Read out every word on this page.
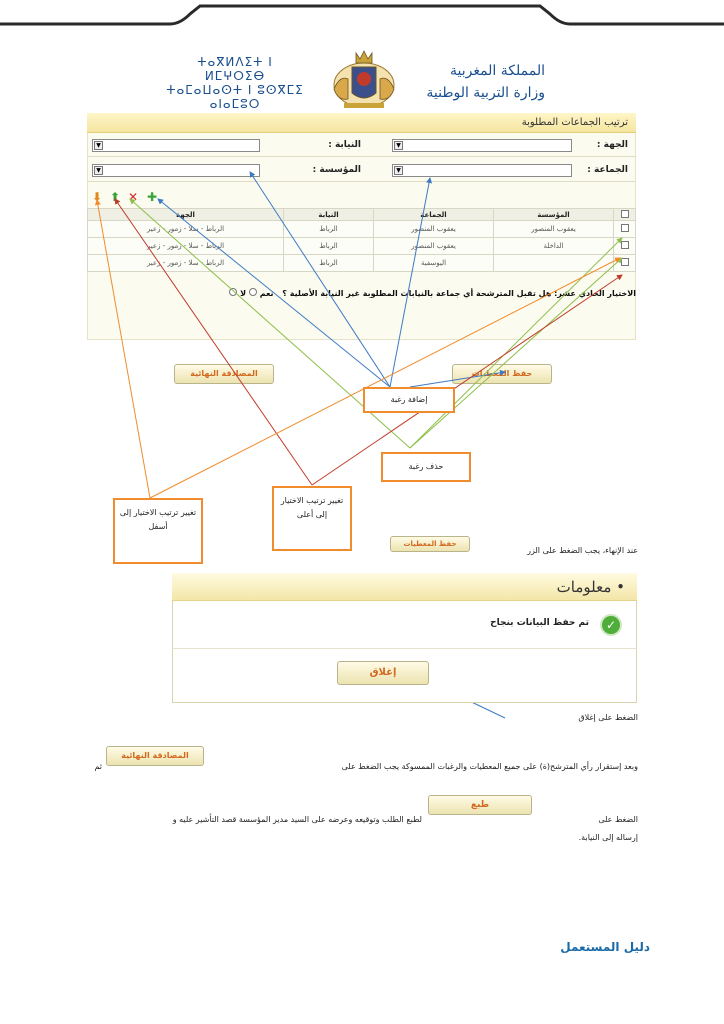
ⵜⴰⴳⵍⴷⵉⵜ ⵏ ⵍⵎⵖⵔⵉⴱ
ⵜⴰⵎⴰⵡⴰⵙⵜ ⵏ ⵓⵙⴳⵎⵉ
ⴰⵏⴰⵎⵓⵔ
المملكة المغربية
وزارة التربية الوطنية
ترتيب الجماعات المطلوبة
الجهة :
▼
النيابة :
▼
الجماعة :
▼
المؤسسة :
▼
⬇ ⬆ ✕ ✚
	المؤسسة	الجماعة	النيابة	الجهة
	يعقوب المنصور	يعقوب المنصور	الرباط	الرباط - سلا - زمور - زعير
	الداخلة	يعقوب المنصور	الرباط	الرباط - سلا - زمور - زعير
		اليوسفية	الرباط	الرباط - سلا - زمور - زعير
الاختيار الحادي عشر: هل تقبل المترشحة أي جماعة بالنيابات المطلوبة غير النيابة الأصلية ؟ نعم  لا
حفظ المعطيات
المصادقة النهائية
إضافة رغبة
حذف رغبة
تغيير ترتيب الاختيار إلى أعلى
تغيير ترتيب الاختيار إلى أسفل
عند الإنهاء، يجب الضغط على الزر
حفظ المعطيات
• معلومات
✓
تم حفظ البيانات بنجاح
إغلاق
الضغط على إغلاق
وبعد إستقرار رأي المترشح(ة) على جميع المعطيات والرغبات الممسوكة يجب الضغط على
المصادقة النهائية
ثم
الضغط على
طبع
لطبع الطلب وتوقيعه وعرضه على السيد مدير المؤسسة قصد التأشير عليه و
إرساله إلى النيابة.
دليل المستعمل
